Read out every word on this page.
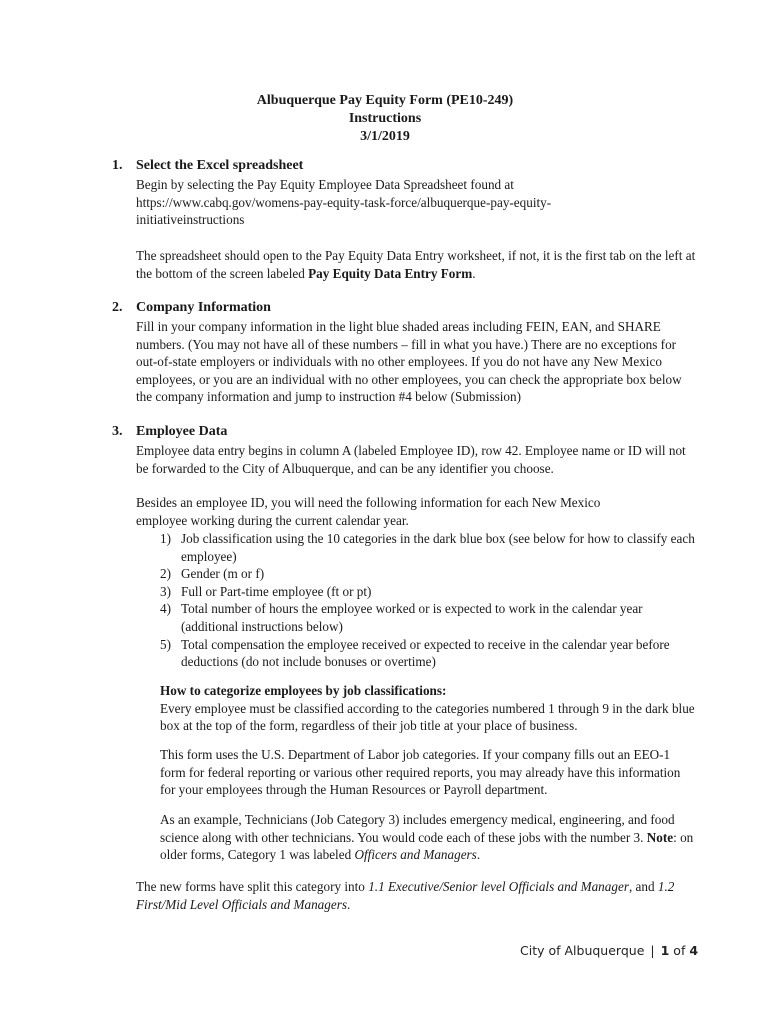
Albuquerque Pay Equity Form (PE10-249)
Instructions
3/1/2019
1. Select the Excel spreadsheet
Begin by selecting the Pay Equity Employee Data Spreadsheet found at https://www.cabq.gov/womens-pay-equity-task-force/albuquerque-pay-equity-initiativeinstructions
The spreadsheet should open to the Pay Equity Data Entry worksheet, if not, it is the first tab on the left at the bottom of the screen labeled Pay Equity Data Entry Form.
2. Company Information
Fill in your company information in the light blue shaded areas including FEIN, EAN, and SHARE numbers. (You may not have all of these numbers – fill in what you have.) There are no exceptions for out-of-state employers or individuals with no other employees. If you do not have any New Mexico employees, or you are an individual with no other employees, you can check the appropriate box below the company information and jump to instruction #4 below (Submission)
3. Employee Data
Employee data entry begins in column A (labeled Employee ID), row 42. Employee name or ID will not be forwarded to the City of Albuquerque, and can be any identifier you choose.
Besides an employee ID, you will need the following information for each New Mexico employee working during the current calendar year.
1) Job classification using the 10 categories in the dark blue box (see below for how to classify each employee)
2) Gender (m or f)
3) Full or Part-time employee (ft or pt)
4) Total number of hours the employee worked or is expected to work in the calendar year (additional instructions below)
5) Total compensation the employee received or expected to receive in the calendar year before deductions (do not include bonuses or overtime)
How to categorize employees by job classifications:
Every employee must be classified according to the categories numbered 1 through 9 in the dark blue box at the top of the form, regardless of their job title at your place of business.
This form uses the U.S. Department of Labor job categories. If your company fills out an EEO-1 form for federal reporting or various other required reports, you may already have this information for your employees through the Human Resources or Payroll department.
As an example, Technicians (Job Category 3) includes emergency medical, engineering, and food science along with other technicians. You would code each of these jobs with the number 3. Note: on older forms, Category 1 was labeled Officers and Managers.
The new forms have split this category into 1.1 Executive/Senior level Officials and Manager, and 1.2 First/Mid Level Officials and Managers.
City of Albuquerque | 1 of 4
